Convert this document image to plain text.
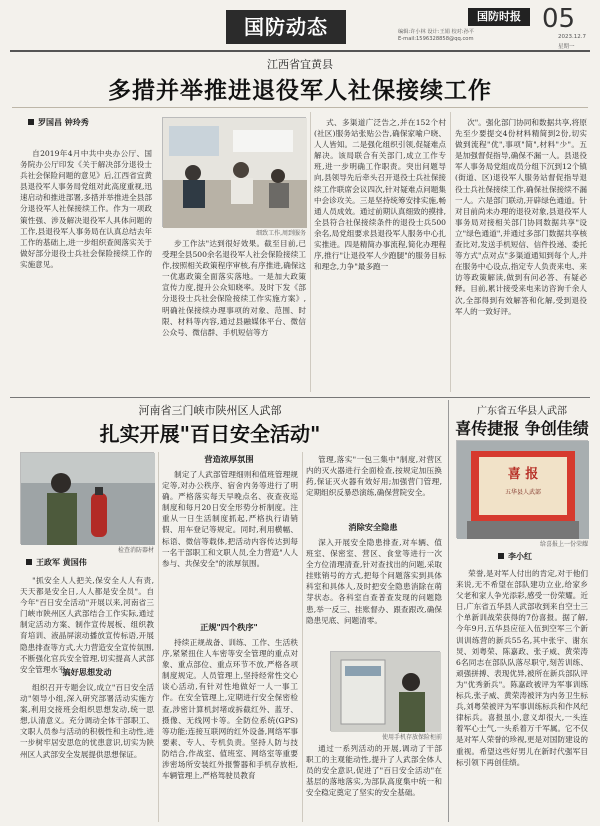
国防动态	国防时报
编辑:许小林 设计:王娟 校对:孙平
E-mail:1596328858@qq.com
05
2023.12.7
星期一
江西省宜黄县
多措并举推进退役军人社保接续工作
罗国昌 钟玲秀

自2019年4月中共中央办公厅、国务院办公厅印发《关于解决部分退役士兵社会保险问题的意见》后,江西省宜黄县退役军人事务局党组对此高度重视,迅速启动和推进部署,多措并举推进全县部分退役军人社保接续工作。作为一项政策性强、涉及解决退役军人具体问题的工作,县退役军人事务局在认真总结去年工作的基础上,进一步组织查阅落实关于做好部分退役士兵社会保险接续工作的实施意见。

细致工作,周到服务

步工作法"达到很好效果。截至目前,已受理全县500余名退役军人社会保险接续工作,按照相关政策程序审核,有序推进,确保这一优惠政策全面落实落地。一是加大政策宣传力度,提升公众知晓率。及时下发《部分退役士兵社会保险接续工作实施方案》,明确社保接续办理事项的对象、范围、时限、材料等内容,通过县融媒体平台、微信公众号、微信群、手机短信等方

式、多渠道广泛告之,并在152个村(社区)服务站张贴公告,确保家喻户晓、人人皆知。二是强化组织引领,促疑难点解决。该局联合有关部门,成立工作专班,进一步明确工作职责。突出问题导向,县领导先后牵头召开退役士兵社保接续工作联席会议四次,针对疑难点问题集中会诊攻关。三是坚持统筹安排实施,畅通人员成效。通过前期认真细致的摸排,全县符合社保接续条件的退役士兵500余名,局党组要求县退役军人服务中心扎实推进。四是精简办事流程,简化办理程序,推行"让退役军人少跑腿"的服务目标和理念,力争"最多跑一

次"。强化部门协同和数据共享,将原先至少要提交4份材料精简到2份,切实做到流程"优",事项"简",材料"少"。五是加强督促指导,确保不漏一人。县退役军人事务局党组成员分组下沉到12个镇(街道、区)退役军人服务站督促指导退役士兵社保接续工作,确保社保接续不漏一人。六是部门联动,开辟绿色通道。针对目前尚未办理的退役对象,县退役军人事务局对接相关部门协同数据共享"设立"绿色通道",并通过多部门数据共享核查比对,发送手机短信、信件投递、委托等方式"点对点"多渠道通知到每个人,并在服务中心设点,指定专人负责来电、来访等政策解读,做到有问必答、有疑必释。目前,累计接受来电来访咨询千余人次,全部得到有效解答和化解,受到退役军人的一致好评。

河南省三门峡市陕州区人武部
扎实开展"百日安全活动"
检查消防器材
王政军 黄国伟

"抓安全人人把关,保安全人人有责,天天都是安全日,人人都是安全员"。自今年"百日安全活动"开展以来,河南省三门峡市陕州区人武部结合工作实际,通过制定活动方案、制作宣传展板、组织教育培训、液晶屏滚动播放宣传标语,开展隐患排查等方式,大力营造安全宣传氛围,不断强化官兵安全管理,切实提高人武部安全管理水平。

搞好思想发动

组织召开专题会议,成立"百日安全活动"领导小组,深入研究部署活动实施方案,利用交接班会组织思想发动,统一思想,认清意义。充分调动全体干部职工、文职人员参与活动的积极性和主动性,进一步树牢居安思危的忧患意识,切实为陕州区人武部安全发展提供思想保证。

营造浓厚氛围

制定了人武部管理细则和值班管理规定等,对办公秩序、宿舍内务等进行了明确。严格落实每天早晚点名、夜查夜巡制度和每月20日安全形势分析制度。注重从一日生活制度抓起,严格执行请销假、用车登记等规定。同时,利用横幅、标语、微信等载体,把活动内容传达到每一名干部职工和文职人员,全力营造"人人参与、共保安全"的浓厚氛围。

正规"四个秩序"

持续正规战备、训练、工作、生活秩序,紧紧扭住人车密等安全管理的重点对象、重点部位、重点环节不放,严格各项制度规定。人员管理上,坚持经常性交心谈心活动,有针对性地做好一人一事工作。在安全管理上,定期进行安全保密检查,涉密计算机封堵或拆截红外、蓝牙、摄像、无线网卡等。全防位系统(GPS)等功能;连接互联网的红外设备,网络军事要素、专人、专机负责。坚持人防与技防结合,作战室、值班室、网络室等重要涉密场所安装红外报警器和手机存放柜,车辆管理上,严格驾驶员教育

管理,落实"一包三集中"制度,对营区内的灭火器进行全面检查,按规定加压换药,保证灭火器有效好用;加强营门管理,定期组织反暴恐演练,确保营院安全。

消除安全隐患

深入开展安全隐患排查,对车辆、值班室、保密室、营区、食堂等进行一次全方位清理清查,针对查找出的问题,采取挂账销号的方式,把每个问题落实到具体科室和具体人,及时把安全隐患消除在萌芽状态。各科室自查普查发现的问题隐患,举一反三、挂账督办、跟查跟改,确保隐患见底、问题清零。

使用手机存放保险柜前

通过一系列活动的开展,调动了干部职工的主观能动性,提升了人武部全体人员的安全意识,促进了"百日安全活动"在基层的落地落实,为部队高度集中统一和安全稳定奠定了坚实的安全基础。

广东省五华县人武部
喜传捷报 争创佳绩
喜 报
五华县人武部
给喜报上一份荣耀
李小红

荣誉,是对军人付出的肯定,对于他们来说,无不希望在部队建功立业,给家乡父老和家人争光添彩,感受一份荣耀。近日,广东省五华县人武部收到来自空士三个单新训战荣获得的7份喜报。据了解,今年9月,五华县应征入伍到空军三个新训训练营的新兵55名,其中张宇、谢东炅、刘粤荣、陈嘉政、张子威、黄荣涛6名同志在部队队落尽职守,刻苦训练、顽强拼搏、表现优异,被所在新兵部队评为"优秀新兵"。陈嘉政被评为军事训练标兵,张子威、黄荣涛被评为内务卫生标兵,刘粤荣被评为军事训练标兵和作风纪律标兵。喜报虽小,意义却很大,一头连着军心士气,一头系着万千军属。它不仅是对军人荣誉的珍视,更是对国防建设的重视。希望这些好男儿在新时代强军目标引领下再创佳绩。
